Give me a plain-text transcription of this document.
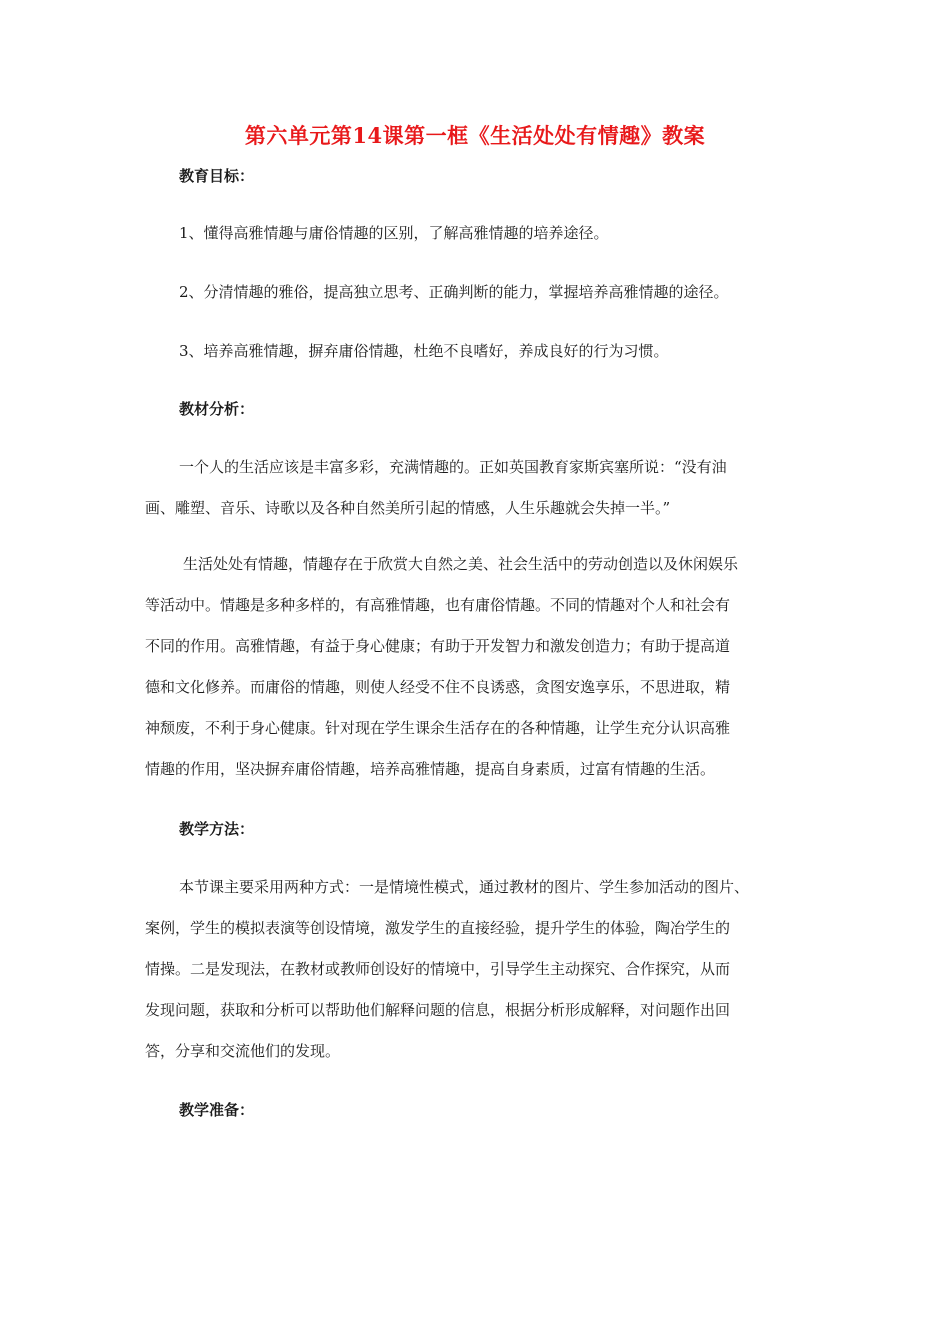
第六单元第14课第一框《生活处处有情趣》教案
教育目标：
1、懂得高雅情趣与庸俗情趣的区别，了解高雅情趣的培养途径。
2、分清情趣的雅俗，提高独立思考、正确判断的能力，掌握培养高雅情趣的途径。
3、培养高雅情趣，摒弃庸俗情趣，杜绝不良嗜好，养成良好的行为习惯。
教材分析：
一个人的生活应该是丰富多彩，充满情趣的。正如英国教育家斯宾塞所说：“没有油
画、雕塑、音乐、诗歌以及各种自然美所引起的情感，人生乐趣就会失掉一半。”
生活处处有情趣，情趣存在于欣赏大自然之美、社会生活中的劳动创造以及休闲娱乐
等活动中。情趣是多种多样的，有高雅情趣，也有庸俗情趣。不同的情趣对个人和社会有
不同的作用。高雅情趣，有益于身心健康；有助于开发智力和激发创造力；有助于提高道
德和文化修养。而庸俗的情趣，则使人经受不住不良诱惑，贪图安逸享乐，不思进取，精
神颓废，不利于身心健康。针对现在学生课余生活存在的各种情趣，让学生充分认识高雅
情趣的作用，坚决摒弃庸俗情趣，培养高雅情趣，提高自身素质，过富有情趣的生活。
教学方法：
本节课主要采用两种方式：一是情境性模式，通过教材的图片、学生参加活动的图片、
案例，学生的模拟表演等创设情境，激发学生的直接经验，提升学生的体验，陶冶学生的
情操。二是发现法，在教材或教师创设好的情境中，引导学生主动探究、合作探究，从而
发现问题，获取和分析可以帮助他们解释问题的信息，根据分析形成解释，对问题作出回
答，分享和交流他们的发现。
教学准备：
